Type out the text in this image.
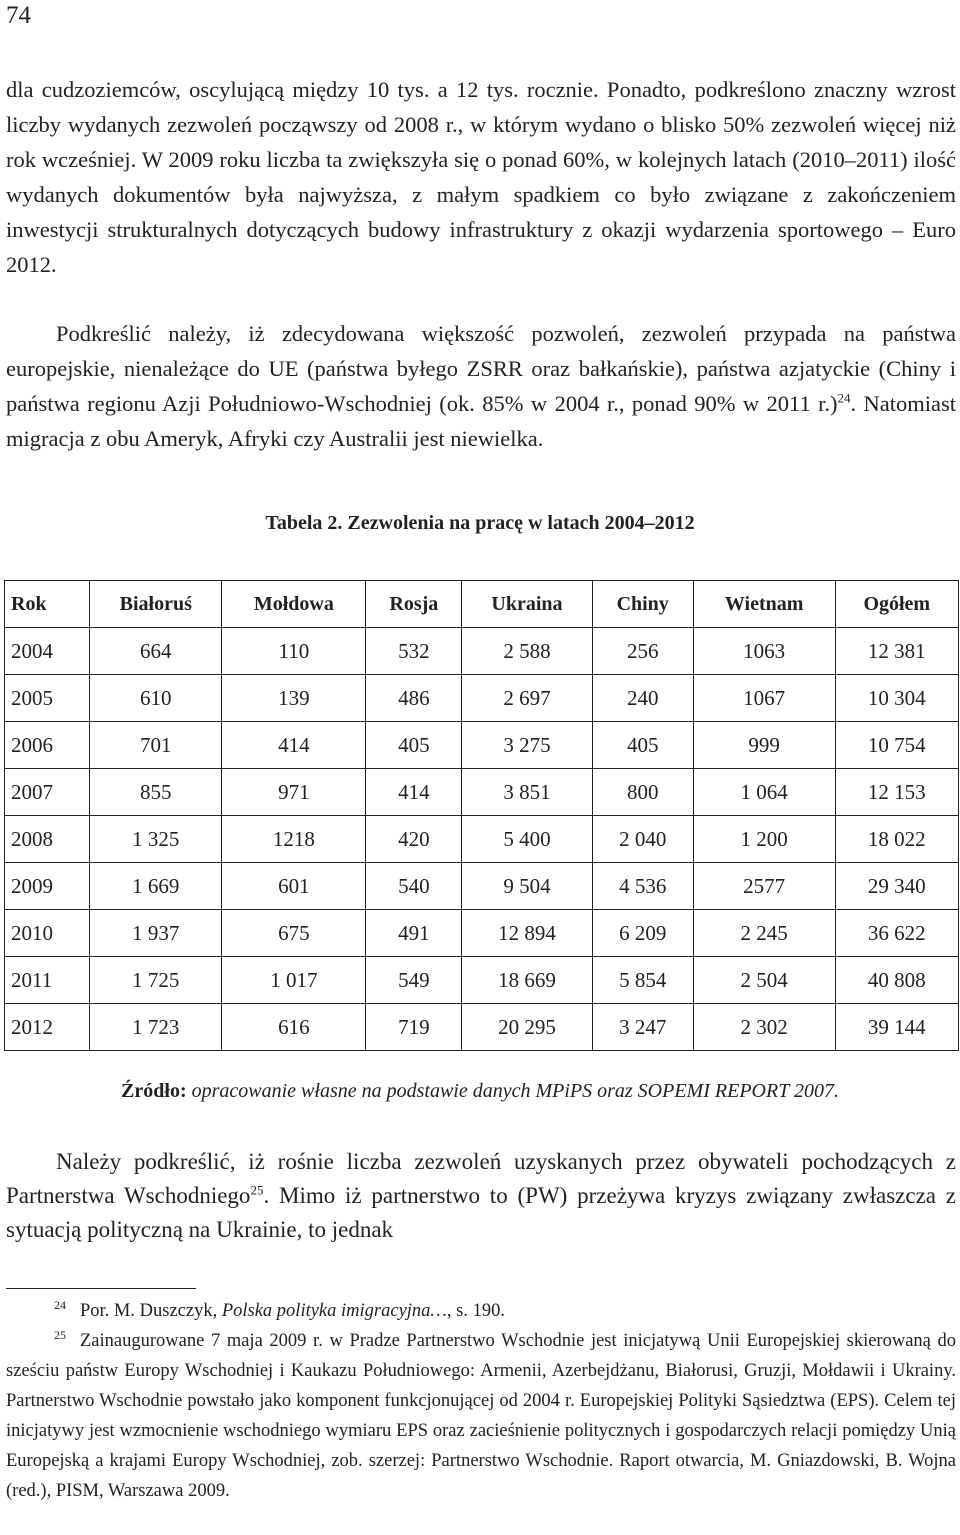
74

dla cudzoziemców, oscylującą między 10 tys. a 12 tys. rocznie. Ponadto, podkreślono znaczny wzrost liczby wydanych zezwoleń począwszy od 2008 r., w którym wydano o blisko 50% zezwoleń więcej niż rok wcześniej. W 2009 roku liczba ta zwiększyła się o ponad 60%, w kolejnych latach (2010–2011) ilość wydanych dokumentów była najwyższa, z małym spadkiem co było związane z zakończeniem inwestycji strukturalnych dotyczących budowy infrastruktury z okazji wydarzenia sportowego – Euro 2012.

Podkreślić należy, iż zdecydowana większość pozwoleń, zezwoleń przypada na państwa europejskie, nienależące do UE (państwa byłego ZSRR oraz bałkańskie), państwa azjatyckie (Chiny i państwa regionu Azji Południowo-Wschodniej (ok. 85% w 2004 r., ponad 90% w 2011 r.)$^{24}$. Natomiast migracja z obu Ameryk, Afryki czy Australii jest niewielka.

Tabela 2. Zezwolenia na pracę w latach 2004–2012
Rok	Białoruś	Mołdowa	Rosja	Ukraina	Chiny	Wietnam	Ogółem
2004	664	110	532	2 588	256	1063	12 381
2005	610	139	486	2 697	240	1067	10 304
2006	701	414	405	3 275	405	999	10 754
2007	855	971	414	3 851	800	1 064	12 153
2008	1 325	1218	420	5 400	2 040	1 200	18 022
2009	1 669	601	540	9 504	4 536	2577	29 340
2010	1 937	675	491	12 894	6 209	2 245	36 622
2011	1 725	1 017	549	18 669	5 854	2 504	40 808
2012	1 723	616	719	20 295	3 247	2 302	39 144
Źródło: opracowanie własne na podstawie danych MPiPS oraz SOPEMI REPORT 2007.

Należy podkreślić, iż rośnie liczba zezwoleń uzyskanych przez obywateli pochodzących z Partnerstwa Wschodniego$^{25}$. Mimo iż partnerstwo to (PW) przeżywa kryzys związany zwłaszcza z sytuacją polityczną na Ukrainie, to jednak

24 Por. M. Duszczyk, Polska polityka imigracyjna…, s. 190.
25 Zainaugurowane 7 maja 2009 r. w Pradze Partnerstwo Wschodnie jest inicjatywą Unii Europejskiej skierowaną do sześciu państw Europy Wschodniej i Kaukazu Południowego: Armenii, Azerbejdżanu, Białorusi, Gruzji, Mołdawii i Ukrainy. Partnerstwo Wschodnie powstało jako komponent funkcjonującej od 2004 r. Europejskiej Polityki Sąsiedztwa (EPS). Celem tej inicjatywy jest wzmocnienie wschodniego wymiaru EPS oraz zacieśnienie politycznych i gospodarczych relacji pomiędzy Unią Europejską a krajami Europy Wschodniej, zob. szerzej: Partnerstwo Wschodnie. Raport otwarcia, M. Gniazdowski, B. Wojna (red.), PISM, Warszawa 2009.
